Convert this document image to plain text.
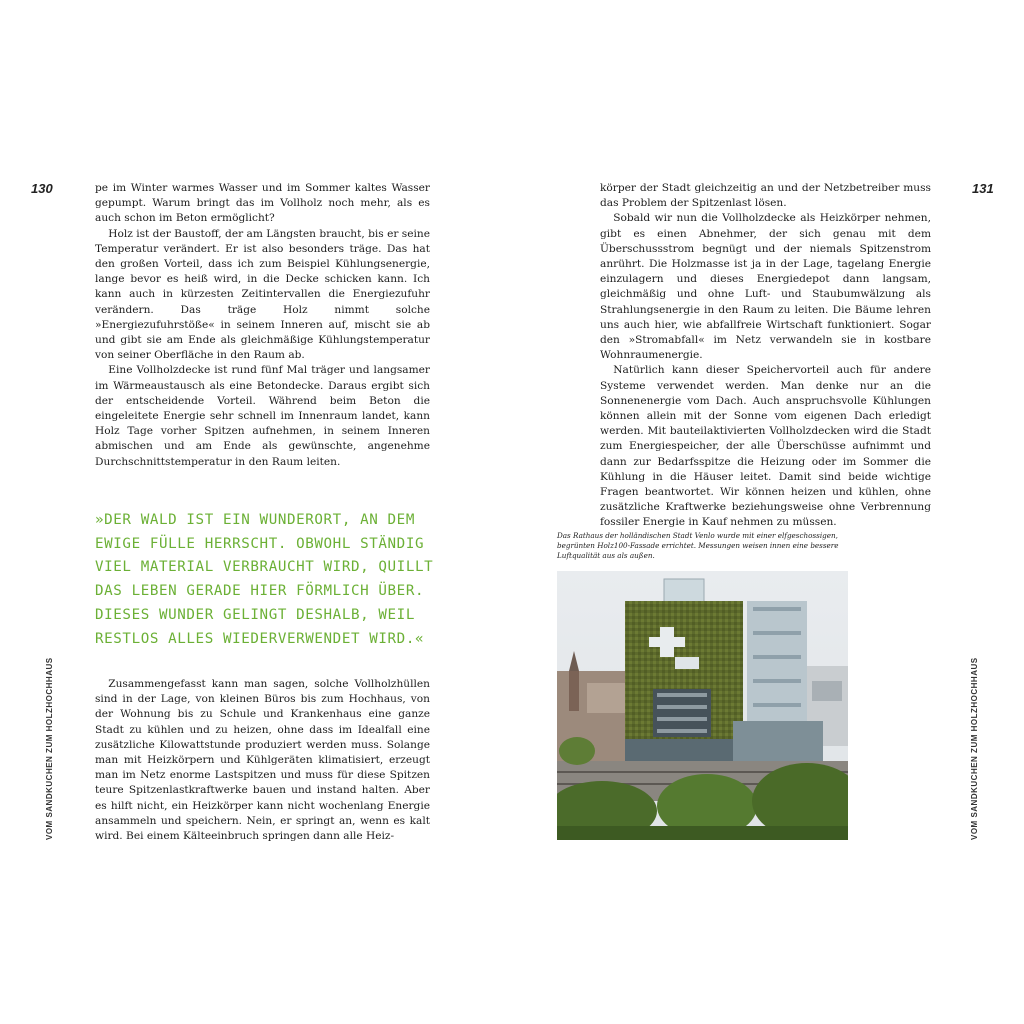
130	pe im Winter warmes Wasser und im Sommer kaltes Wasser gepumpt. Warum bringt das im Vollholz noch mehr, als es auch schon im Beton ermöglicht?

Holz ist der Baustoff, der am Längsten braucht, bis er seine Temperatur verändert. Er ist also besonders träge. Das hat den großen Vorteil, dass ich zum Beispiel Kühlungsenergie, lange bevor es heiß wird, in die Decke schicken kann. Ich kann auch in kürzesten Zeitintervallen die Energiezufuhr verändern. Das träge Holz nimmt solche »Energiezufuhrstöße« in seinem Inneren auf, mischt sie ab und gibt sie am Ende als gleichmäßige Kühlungstemperatur von seiner Oberfläche in den Raum ab.

Eine Vollholzdecke ist rund fünf Mal träger und langsamer im Wärmeaustausch als eine Betondecke. Daraus ergibt sich der entscheidende Vorteil. Während beim Beton die eingeleitete Energie sehr schnell im Innenraum landet, kann Holz Tage vorher Spitzen aufnehmen, in seinem Inneren abmischen und am Ende als gewünschte, angenehme Durchschnittstemperatur in den Raum leiten.

»DER WALD IST EIN WUNDERORT, AN DEM EWIGE FÜLLE HERRSCHT. OBWOHL STÄNDIG VIEL MATERIAL VERBRAUCHT WIRD, QUILLT DAS LEBEN GERADE HIER FÖRMLICH ÜBER. DIESES WUNDER GELINGT DESHALB, WEIL RESTLOS ALLES WIEDERVERWENDET WIRD.«

Zusammengefasst kann man sagen, solche Vollholzhüllen sind in der Lage, von kleinen Büros bis zum Hochhaus, von der Wohnung bis zu Schule und Krankenhaus eine ganze Stadt zu kühlen und zu heizen, ohne dass im Idealfall eine zusätzliche Kilowattstunde produziert werden muss. Solange man mit Heizkörpern und Kühlgeräten klimatisiert, erzeugt man im Netz enorme Lastspitzen und muss für diese Spitzen teure Spitzenlastkraftwerke bauen und instand halten. Aber es hilft nicht, ein Heizkörper kann nicht wochenlang Energie ansammeln und speichern. Nein, er springt an, wenn es kalt wird. Bei einem Kälteeinbruch springen dann alle Heiz-

VOM SANDKUCHEN ZUM HOLZHOCHHAUS
131

körper der Stadt gleichzeitig an und der Netzbetreiber muss das Problem der Spitzenlast lösen.

Sobald wir nun die Vollholzdecke als Heizkörper nehmen, gibt es einen Abnehmer, der sich genau mit dem Überschussstrom begnügt und der niemals Spitzenstrom anrührt. Die Holzmasse ist ja in der Lage, tagelang Energie einzulagern und dieses Energiedepot dann langsam, gleichmäßig und ohne Luft- und Staubumwälzung als Strahlungsenergie in den Raum zu leiten. Die Bäume lehren uns auch hier, wie abfallfreie Wirtschaft funktioniert. Sogar den »Stromabfall« im Netz verwandeln sie in kostbare Wohnraumenergie.

Natürlich kann dieser Speichervorteil auch für andere Systeme verwendet werden. Man denke nur an die Sonnenenergie vom Dach. Auch anspruchsvolle Kühlungen können allein mit der Sonne vom eigenen Dach erledigt werden. Mit bauteilaktivierten Vollholzdecken wird die Stadt zum Energiespeicher, der alle Überschüsse aufnimmt und dann zur Bedarfsspitze die Heizung oder im Sommer die Kühlung in die Häuser leitet. Damit sind beide wichtige Fragen beantwortet. Wir können heizen und kühlen, ohne zusätzliche Kraftwerke beziehungsweise ohne Verbrennung fossiler Energie in Kauf nehmen zu müssen.

Das Rathaus der holländischen Stadt Venlo wurde mit einer elfgeschossigen, begrünten Holz100-Fassade errichtet. Messungen weisen innen eine bessere Luftqualität aus als außen.
VOM SANDKUCHEN ZUM HOLZHOCHHAUS
